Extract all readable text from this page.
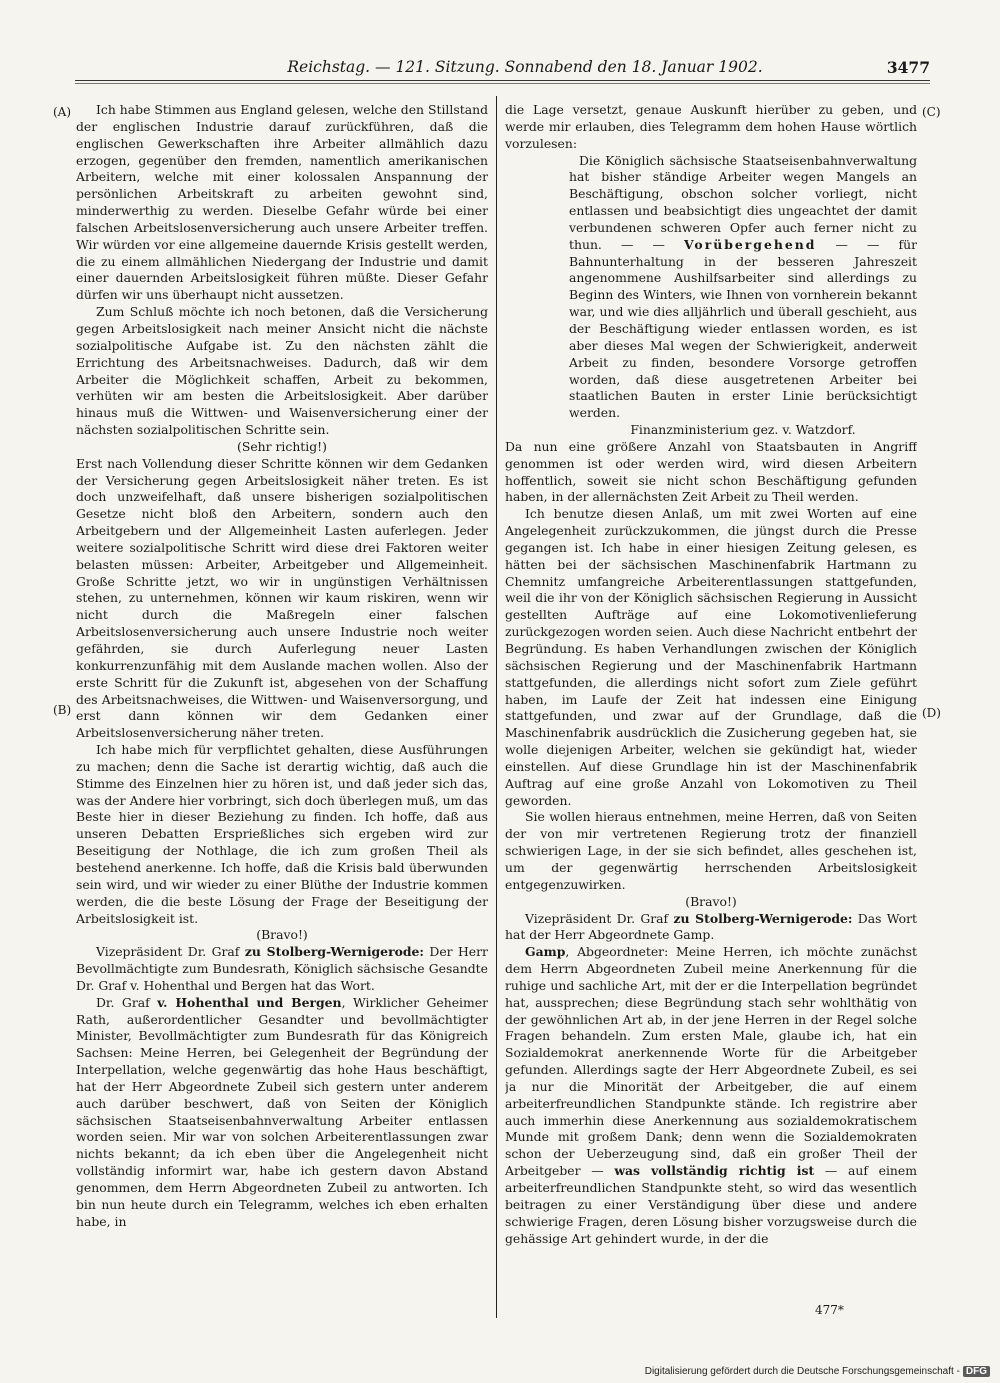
Reichstag. — 121. Sitzung. Sonnabend den 18. Januar 1902.	3477
(A)
(B)
(C)
(D)

Ich habe Stimmen aus England gelesen, welche den Stillstand der englischen Industrie darauf zurückführen, daß die englischen Gewerkschaften ihre Arbeiter allmählich dazu erzogen, gegenüber den fremden, namentlich amerikanischen Arbeitern, welche mit einer kolossalen Anspannung der persönlichen Arbeitskraft zu arbeiten gewohnt sind, minderwerthig zu werden. Dieselbe Gefahr würde bei einer falschen Arbeitslosenversicherung auch unsere Arbeiter treffen. Wir würden vor eine allgemeine dauernde Krisis gestellt werden, die zu einem allmählichen Niedergang der Industrie und damit einer dauernden Arbeitslosigkeit führen müßte. Dieser Gefahr dürfen wir uns überhaupt nicht aussetzen.

Zum Schluß möchte ich noch betonen, daß die Versicherung gegen Arbeitslosigkeit nach meiner Ansicht nicht die nächste sozialpolitische Aufgabe ist. Zu den nächsten zählt die Errichtung des Arbeitsnachweises. Dadurch, daß wir dem Arbeiter die Möglichkeit schaffen, Arbeit zu bekommen, verhüten wir am besten die Arbeitslosigkeit. Aber darüber hinaus muß die Wittwen- und Waisenversicherung einer der nächsten sozialpolitischen Schritte sein.

(Sehr richtig!)

Erst nach Vollendung dieser Schritte können wir dem Gedanken der Versicherung gegen Arbeitslosigkeit näher treten. Es ist doch unzweifelhaft, daß unsere bisherigen sozialpolitischen Gesetze nicht bloß den Arbeitern, sondern auch den Arbeitgebern und der Allgemeinheit Lasten auferlegen. Jeder weitere sozialpolitische Schritt wird diese drei Faktoren weiter belasten müssen: Arbeiter, Arbeitgeber und Allgemeinheit. Große Schritte jetzt, wo wir in ungünstigen Verhältnissen stehen, zu unternehmen, können wir kaum riskiren, wenn wir nicht durch die Maßregeln einer falschen Arbeitslosenversicherung auch unsere Industrie noch weiter gefährden, sie durch Auferlegung neuer Lasten konkurrenzunfähig mit dem Auslande machen wollen. Also der erste Schritt für die Zukunft ist, abgesehen von der Schaffung des Arbeitsnachweises, die Wittwen- und Waisenversorgung, und erst dann können wir dem Gedanken einer Arbeitslosenversicherung näher treten.

Ich habe mich für verpflichtet gehalten, diese Ausführungen zu machen; denn die Sache ist derartig wichtig, daß auch die Stimme des Einzelnen hier zu hören ist, und daß jeder sich das, was der Andere hier vorbringt, sich doch überlegen muß, um das Beste hier in dieser Beziehung zu finden. Ich hoffe, daß aus unseren Debatten Ersprießliches sich ergeben wird zur Beseitigung der Nothlage, die ich zum großen Theil als bestehend anerkenne. Ich hoffe, daß die Krisis bald überwunden sein wird, und wir wieder zu einer Blüthe der Industrie kommen werden, die die beste Lösung der Frage der Beseitigung der Arbeitslosigkeit ist.

(Bravo!)

Vizepräsident Dr. Graf zu Stolberg-Wernigerode: Der Herr Bevollmächtigte zum Bundesrath, Königlich sächsische Gesandte Dr. Graf v. Hohenthal und Bergen hat das Wort.

Dr. Graf v. Hohenthal und Bergen, Wirklicher Geheimer Rath, außerordentlicher Gesandter und bevollmächtigter Minister, Bevollmächtigter zum Bundesrath für das Königreich Sachsen: Meine Herren, bei Gelegenheit der Begründung der Interpellation, welche gegenwärtig das hohe Haus beschäftigt, hat der Herr Abgeordnete Zubeil sich gestern unter anderem auch darüber beschwert, daß von Seiten der Königlich sächsischen Staatseisenbahnverwaltung Arbeiter entlassen worden seien. Mir war von solchen Arbeiterentlassungen zwar nichts bekannt; da ich eben über die Angelegenheit nicht vollständig informirt war, habe ich gestern davon Abstand genommen, dem Herrn Abgeordneten Zubeil zu antworten. Ich bin nun heute durch ein Telegramm, welches ich eben erhalten habe, in

die Lage versetzt, genaue Auskunft hierüber zu geben, und werde mir erlauben, dies Telegramm dem hohen Hause wörtlich vorzulesen:

Die Königlich sächsische Staatseisenbahnverwaltung hat bisher ständige Arbeiter wegen Mangels an Beschäftigung, obschon solcher vorliegt, nicht entlassen und beabsichtigt dies ungeachtet der damit verbundenen schweren Opfer auch ferner nicht zu thun. — — Vorübergehend — — für Bahnunterhaltung in der besseren Jahreszeit angenommene Aushilfsarbeiter sind allerdings zu Beginn des Winters, wie Ihnen von vornherein bekannt war, und wie dies alljährlich und überall geschieht, aus der Beschäftigung wieder entlassen worden, es ist aber dieses Mal wegen der Schwierigkeit, anderweit Arbeit zu finden, besondere Vorsorge getroffen worden, daß diese ausgetretenen Arbeiter bei staatlichen Bauten in erster Linie berücksichtigt werden.

Finanzministerium gez. v. Watzdorf.

Da nun eine größere Anzahl von Staatsbauten in Angriff genommen ist oder werden wird, wird diesen Arbeitern hoffentlich, soweit sie nicht schon Beschäftigung gefunden haben, in der allernächsten Zeit Arbeit zu Theil werden.

Ich benutze diesen Anlaß, um mit zwei Worten auf eine Angelegenheit zurückzukommen, die jüngst durch die Presse gegangen ist. Ich habe in einer hiesigen Zeitung gelesen, es hätten bei der sächsischen Maschinenfabrik Hartmann zu Chemnitz umfangreiche Arbeiterentlassungen stattgefunden, weil die ihr von der Königlich sächsischen Regierung in Aussicht gestellten Aufträge auf eine Lokomotivenlieferung zurückgezogen worden seien. Auch diese Nachricht entbehrt der Begründung. Es haben Verhandlungen zwischen der Königlich sächsischen Regierung und der Maschinenfabrik Hartmann stattgefunden, die allerdings nicht sofort zum Ziele geführt haben, im Laufe der Zeit hat indessen eine Einigung stattgefunden, und zwar auf der Grundlage, daß die Maschinenfabrik ausdrücklich die Zusicherung gegeben hat, sie wolle diejenigen Arbeiter, welchen sie gekündigt hat, wieder einstellen. Auf diese Grundlage hin ist der Maschinenfabrik Auftrag auf eine große Anzahl von Lokomotiven zu Theil geworden.

Sie wollen hieraus entnehmen, meine Herren, daß von Seiten der von mir vertretenen Regierung trotz der finanziell schwierigen Lage, in der sie sich befindet, alles geschehen ist, um der gegenwärtig herrschenden Arbeitslosigkeit entgegenzuwirken.

(Bravo!)

Vizepräsident Dr. Graf zu Stolberg-Wernigerode: Das Wort hat der Herr Abgeordnete Gamp.

Gamp, Abgeordneter: Meine Herren, ich möchte zunächst dem Herrn Abgeordneten Zubeil meine Anerkennung für die ruhige und sachliche Art, mit der er die Interpellation begründet hat, aussprechen; diese Begründung stach sehr wohlthätig von der gewöhnlichen Art ab, in der jene Herren in der Regel solche Fragen behandeln. Zum ersten Male, glaube ich, hat ein Sozialdemokrat anerkennende Worte für die Arbeitgeber gefunden. Allerdings sagte der Herr Abgeordnete Zubeil, es sei ja nur die Minorität der Arbeitgeber, die auf einem arbeiterfreundlichen Standpunkte stände. Ich registrire aber auch immerhin diese Anerkennung aus sozialdemokratischem Munde mit großem Dank; denn wenn die Sozialdemokraten schon der Ueberzeugung sind, daß ein großer Theil der Arbeitgeber — was vollständig richtig ist — auf einem arbeiterfreundlichen Standpunkte steht, so wird das wesentlich beitragen zu einer Verständigung über diese und andere schwierige Fragen, deren Lösung bisher vorzugsweise durch die gehässige Art gehindert wurde, in der die

477*
Digitalisierung gefördert durch die Deutsche Forschungsgemeinschaft - DFG
